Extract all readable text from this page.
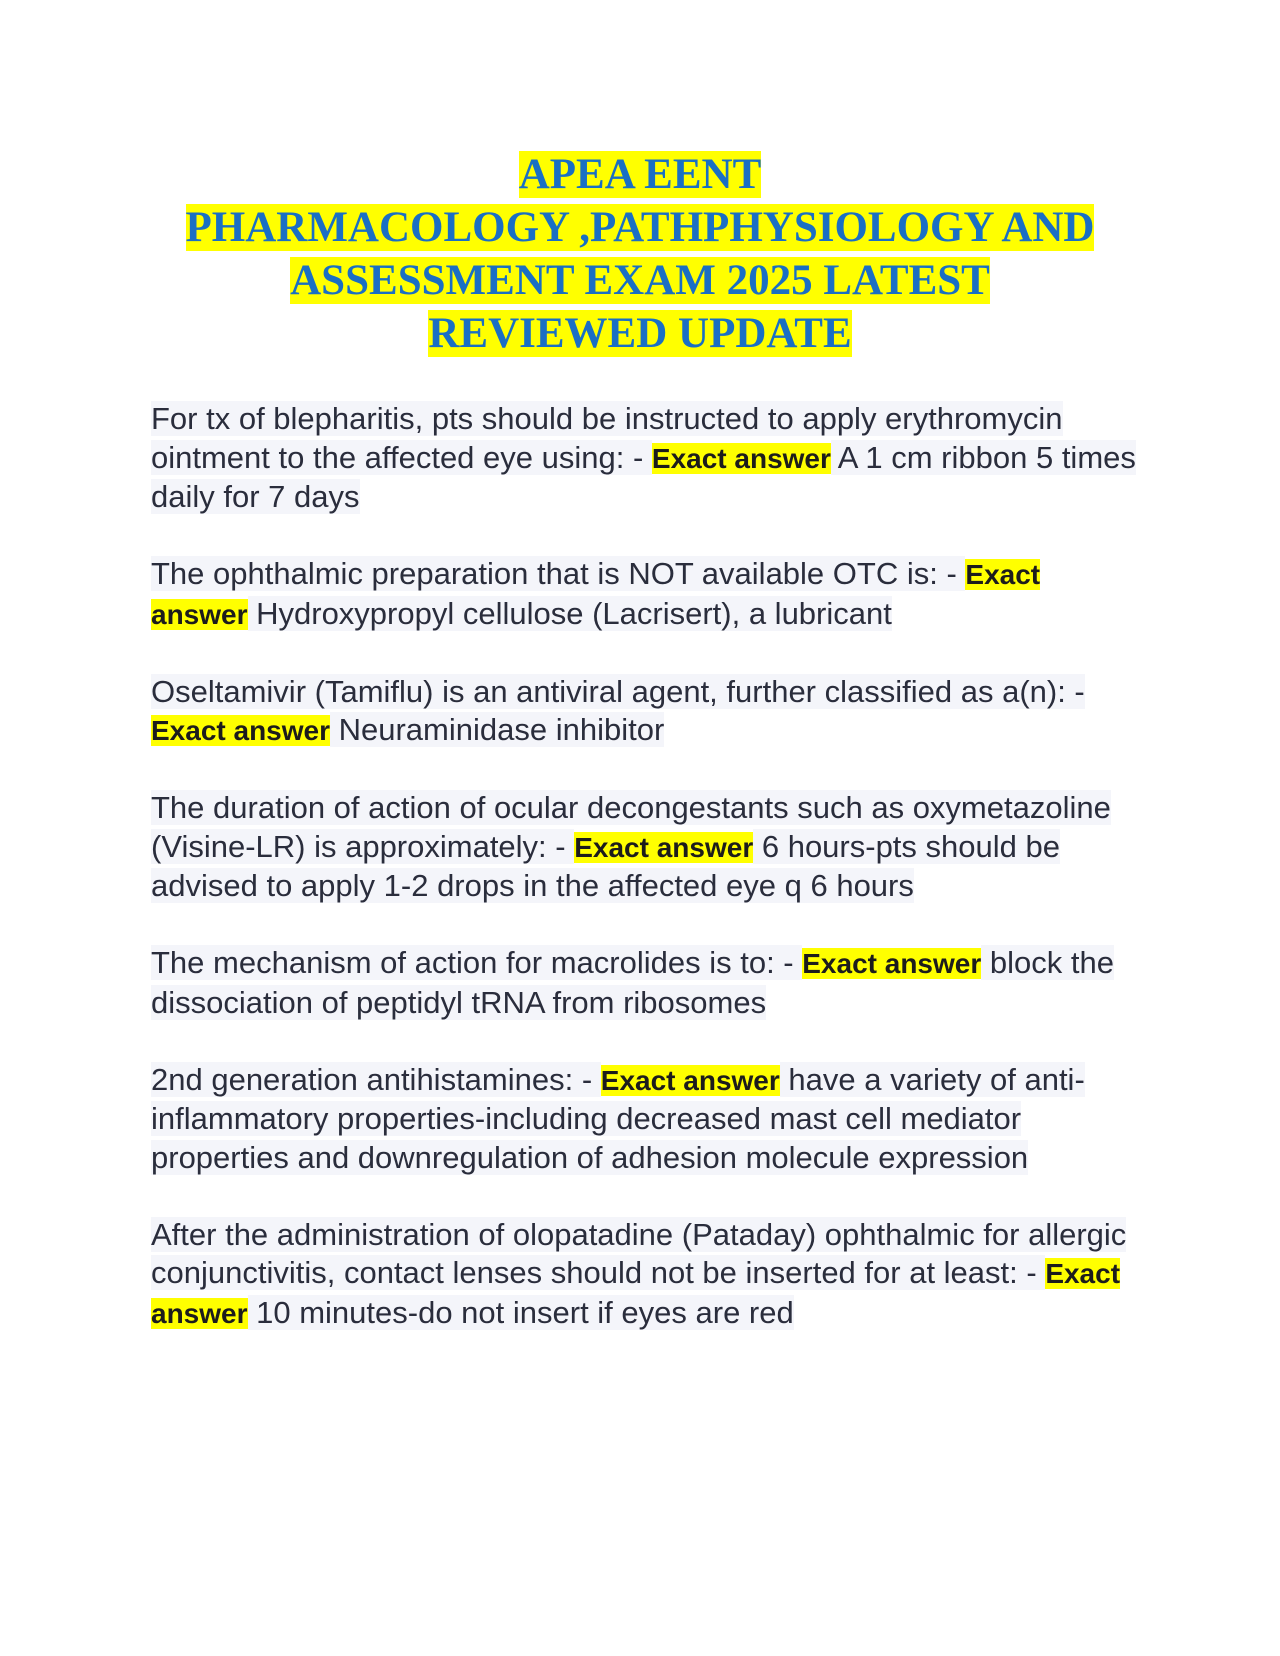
APEA EENT
PHARMACOLOGY ,PATHPHYSIOLOGY AND
ASSESSMENT EXAM 2025 LATEST
REVIEWED UPDATE

For tx of blepharitis, pts should be instructed to apply erythromycin ointment to the affected eye using: - Exact answer A 1 cm ribbon 5 times daily for 7 days

The ophthalmic preparation that is NOT available OTC is: - Exact answer Hydroxypropyl cellulose (Lacrisert), a lubricant

Oseltamivir (Tamiflu) is an antiviral agent, further classified as a(n): - Exact answer Neuraminidase inhibitor

The duration of action of ocular decongestants such as oxymetazoline (Visine-LR) is approximately: - Exact answer 6 hours-pts should be advised to apply 1-2 drops in the affected eye q 6 hours

The mechanism of action for macrolides is to: - Exact answer block the dissociation of peptidyl tRNA from ribosomes

2nd generation antihistamines: - Exact answer have a variety of anti-inflammatory properties-including decreased mast cell mediator properties and downregulation of adhesion molecule expression

After the administration of olopatadine (Pataday) ophthalmic for allergic conjunctivitis, contact lenses should not be inserted for at least: - Exact answer 10 minutes-do not insert if eyes are red
